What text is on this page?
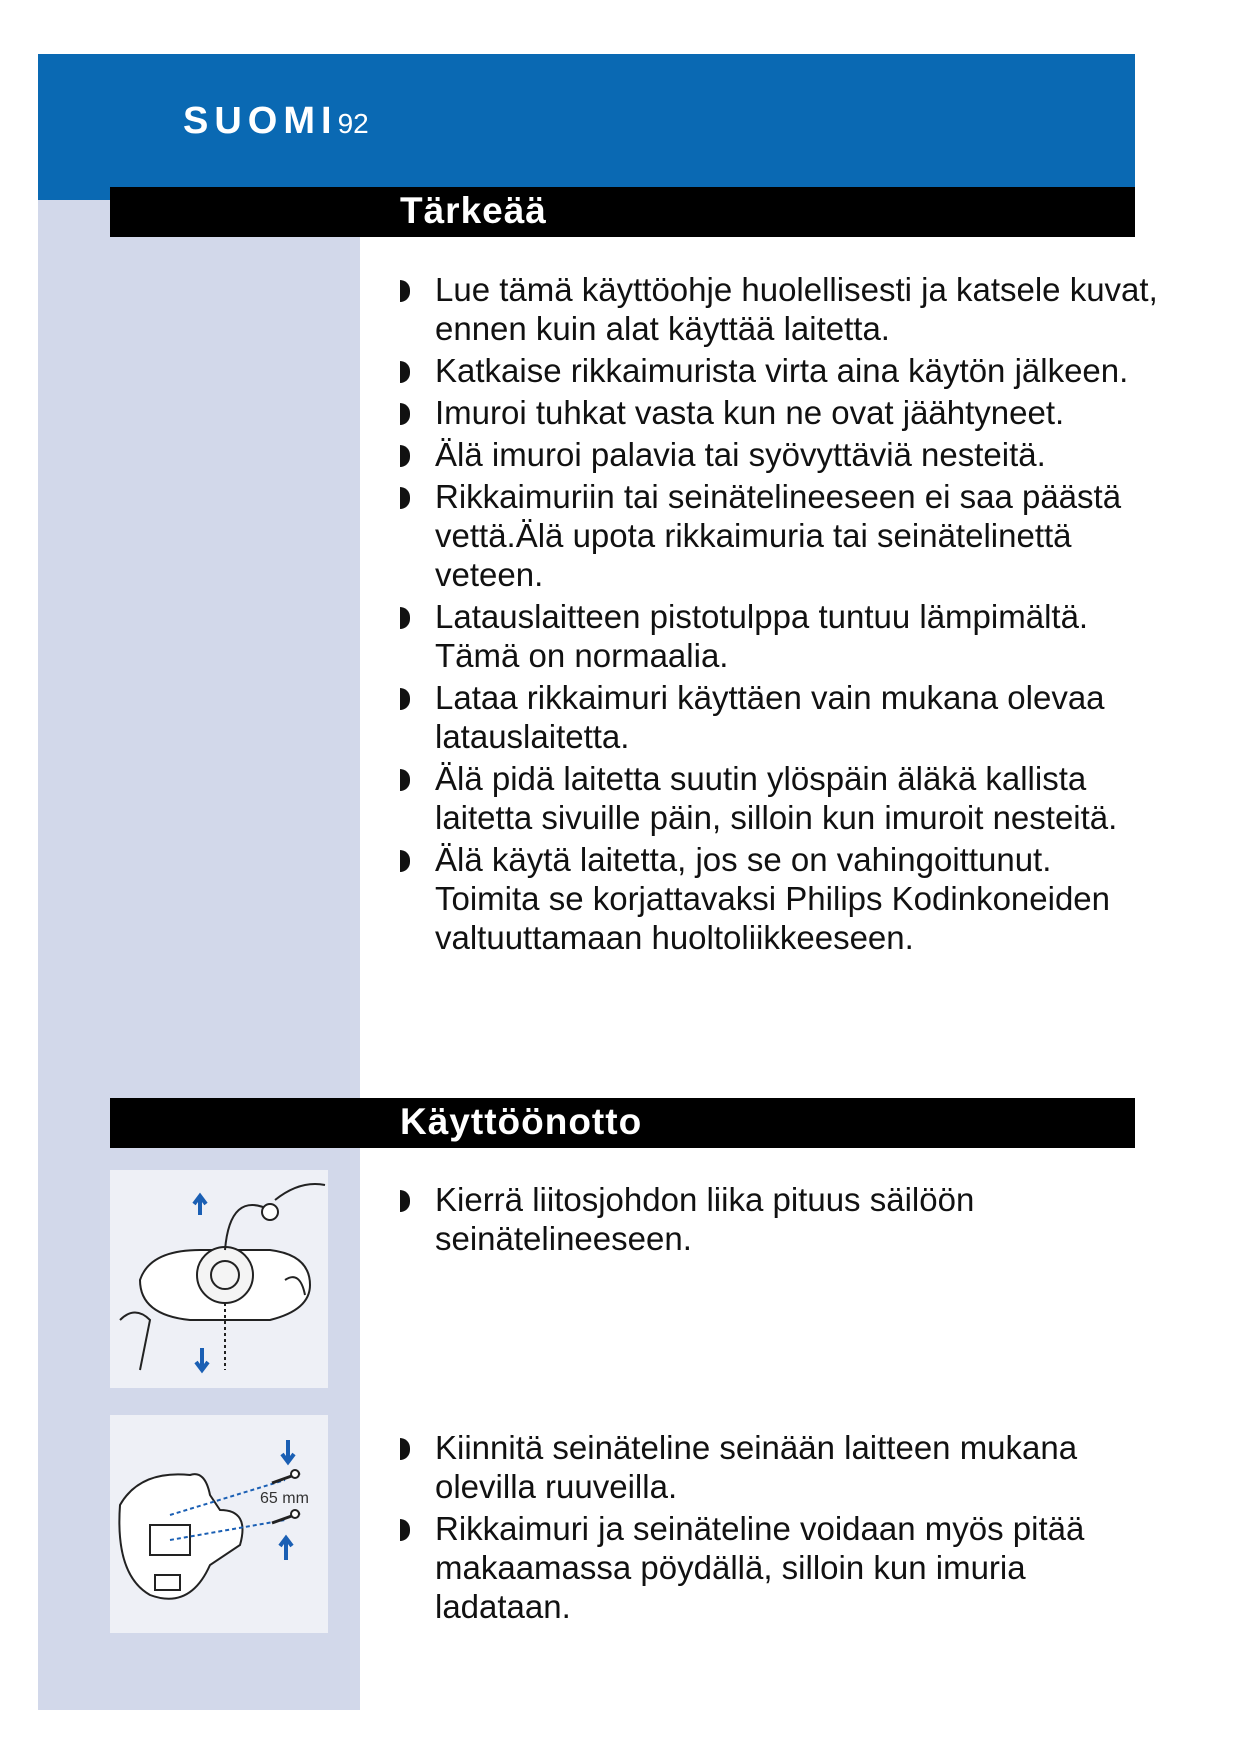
SUOMI92
Tärkeää
Lue tämä käyttöohje huolellisesti ja katsele kuvat, ennen kuin alat käyttää laitetta.
Katkaise rikkaimurista virta aina käytön jälkeen.
Imuroi tuhkat vasta kun ne ovat jäähtyneet.
Älä imuroi palavia tai syövyttäviä nesteitä.
Rikkaimuriin tai seinätelineeseen ei saa päästä vettä.Älä upota rikkaimuria tai seinätelinettä veteen.
Latauslaitteen pistotulppa tuntuu lämpimältä. Tämä on normaalia.
Lataa rikkaimuri käyttäen vain mukana olevaa latauslaitetta.
Älä pidä laitetta suutin ylöspäin äläkä kallista laitetta sivuille päin, silloin kun imuroit nesteitä.
Älä käytä laitetta, jos se on vahingoittunut. Toimita se korjattavaksi Philips Kodinkoneiden valtuuttamaan huoltoliikkeeseen.
Käyttöönotto
Kierrä liitosjohdon liika pituus säilöön seinätelineeseen.
65 mm
Kiinnitä seinäteline seinään laitteen mukana olevilla ruuveilla.
Rikkaimuri ja seinäteline voidaan myös pitää makaamassa pöydällä, silloin kun imuria ladataan.
